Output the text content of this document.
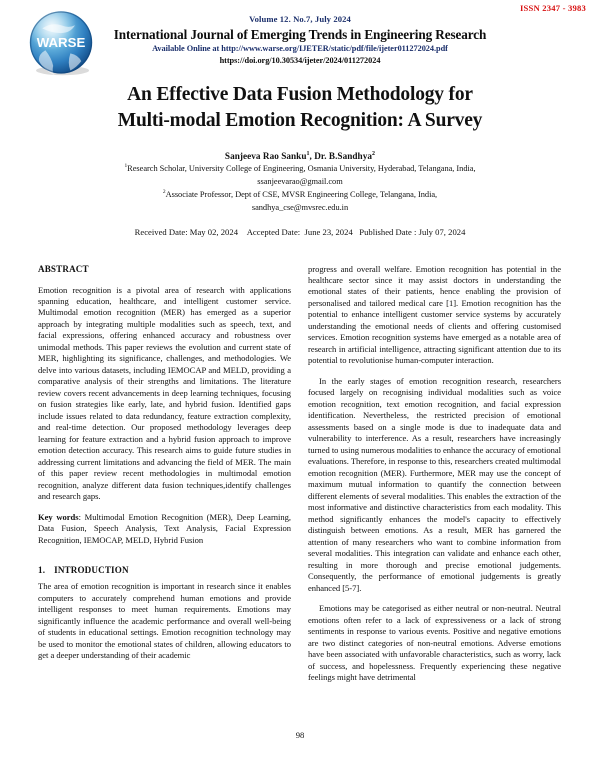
ISSN 2347 - 3983
WARSE
Volume 12. No.7, July 2024
International Journal of Emerging Trends in Engineering Research
Available Online at http://www.warse.org/IJETER/static/pdf/file/ijeter011272024.pdf
https://doi.org/10.30534/ijeter/2024/011272024
An Effective Data Fusion Methodology for
Multi-modal Emotion Recognition: A Survey
Sanjeeva Rao Sanku$^1$, Dr. B.Sandhya$^2$
$^1$Research Scholar, University College of Engineering, Osmania University, Hyderabad, Telangana, India,
ssanjeevarao@gmail.com
$^2$Associate Professor, Dept of CSE, MVSR Engineering College, Telangana, India,
sandhya_cse@mvsrec.edu.in
Received Date: May 02, 2024 Accepted Date:  June 23, 2024 Published Date : July 07, 2024
ABSTRACT

Emotion recognition is a pivotal area of research with applications spanning education, healthcare, and intelligent customer service. Multimodal emotion recognition (MER) has emerged as a superior approach by integrating multiple modalities such as speech, text, and facial expressions, offering enhanced accuracy and robustness over unimodal methods. This paper reviews the evolution and current state of MER, highlighting its significance, challenges, and methodologies. We delve into various datasets, including IEMOCAP and MELD, providing a comparative analysis of their strengths and limitations. The literature review covers recent advancements in deep learning techniques, focusing on fusion strategies like early, late, and hybrid fusion. Identified gaps include issues related to data redundancy, feature extraction complexity, and real-time detection. Our proposed methodology leverages deep learning for feature extraction and a hybrid fusion approach to improve emotion detection accuracy. This research aims to guide future studies in addressing current limitations and advancing the field of MER. The main of this paper review recent methodologies in multimodal emotion recognition, analyze different data fusion techniques,identify challenges and research gaps.

Key words: Multimodal Emotion Recognition (MER), Deep Learning, Data Fusion, Speech Analysis, Text Analysis, Facial Expression Recognition, IEMOCAP, MELD, Hybrid Fusion

1. INTRODUCTION

The area of emotion recognition is important in research since it enables computers to accurately comprehend human emotions and provide intelligent responses to meet human requirements. Emotions may significantly influence the academic performance and overall well-being of students in educational settings. Emotion recognition technology may be used to monitor the emotional states of children, allowing educators to get a deeper understanding of their academic

progress and overall welfare. Emotion recognition has potential in the healthcare sector since it may assist doctors in understanding the emotional states of their patients, hence enabling the provision of personalised and tailored medical care [1]. Emotion recognition has the potential to enhance intelligent customer service systems by accurately understanding the emotional needs of clients and offering customised services. Emotion recognition systems have emerged as a notable area of research in artificial intelligence, attracting significant attention due to its potential to revolutionise human-computer interaction.

In the early stages of emotion recognition research, researchers focused largely on recognising individual modalities such as voice emotion recognition, text emotion recognition, and facial expression identification. Nevertheless, the restricted precision of emotional assessments based on a single mode is due to inadequate data and vulnerability to interference. As a result, researchers have increasingly turned to using numerous modalities to enhance the accuracy of emotional evaluations. Therefore, in response to this, researchers created multimodal emotion recognition (MER). Furthermore, MER may use the concept of maximum mutual information to quantify the connection between different elements of several modalities. This enables the extraction of the most informative and distinctive characteristics from each modality. This method significantly enhances the model's capacity to effectively distinguish between emotions. As a result, MER has garnered the attention of many researchers who want to combine information from several modalities. This integration can validate and enhance each other, resulting in more thorough and precise emotional judgements. Consequently, the performance of emotional judgements is greatly enhanced [5-7].

Emotions may be categorised as either neutral or non-neutral. Neutral emotions often refer to a lack of expressiveness or a lack of strong sentiments in response to various events. Positive and negative emotions are two distinct categories of non-neutral emotions. Adverse emotions have been associated with unfavorable characteristics, such as worry, lack of success, and hopelessness. Frequently experiencing these negative feelings might have detrimental

98
